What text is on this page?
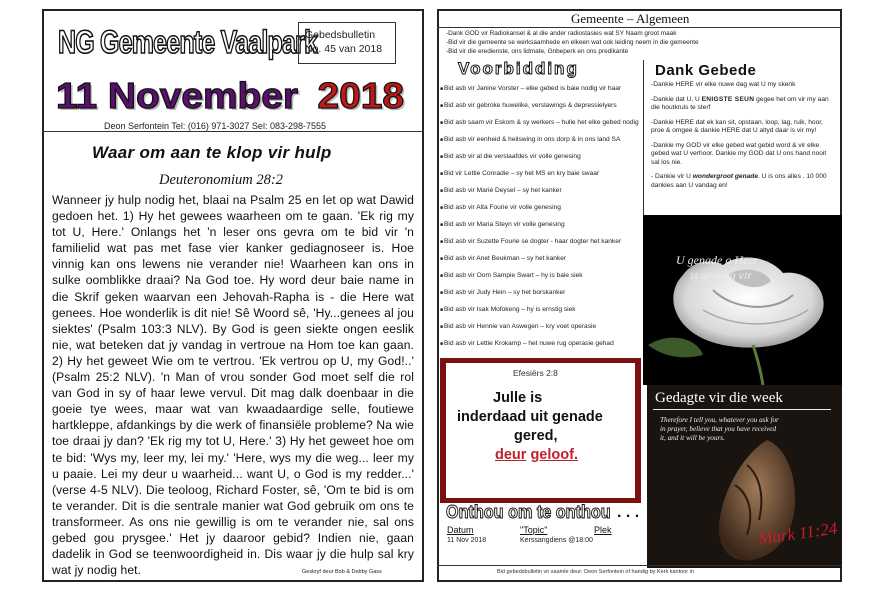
NG Gemeente Vaalpark
Gebedsbulletin
No. 45 van 2018
11 November 2018
Deon Serfontein Tel: (016) 971-3027 Sel: 083-298-7555
Waar om aan te klop vir hulp
Deuteronomium 28:2
Wanneer jy hulp nodig het, blaai na Psalm 25 en let op wat Dawid gedoen het. 1) Hy het gewees waarheen om te gaan. 'Ek rig my tot U, Here.' Onlangs het 'n leser ons gevra om te bid vir 'n familielid wat pas met fase vier kanker gediagnoseer is. Hoe vinnig kan ons lewens nie verander nie! Waarheen kan ons in sulke oomblikke draai? Na God toe. Hy word deur baie name in die Skrif geken waarvan een Jehovah-Rapha is - die Here wat genees. Hoe wonderlik is dit nie! Sê Woord sê, 'Hy...genees al jou siektes' (Psalm 103:3 NLV). By God is geen siekte ongen eeslik nie, wat beteken dat jy vandag in vertroue na Hom toe kan gaan. 2) Hy het geweet Wie om te vertrou. 'Ek vertrou op U, my God!..' (Psalm 25:2 NLV). 'n Man of vrou sonder God moet self die rol van God in sy of haar lewe vervul. Dit mag dalk doenbaar in die goeie tye wees, maar wat van kwaadaardige selle, foutiewe hartkleppe, afdankings by die werk of finansiële probleme? Na wie toe draai jy dan? 'Ek rig my tot U, Here.' 3) Hy het geweet hoe om te bid: 'Wys my, leer my, lei my.' 'Here, wys my die weg... leer my u paaie. Lei my deur u waarheid... want U, o God is my redder...' (verse 4-5 NLV). Die teoloog, Richard Foster, sê, 'Om te bid is om te verander. Dit is die sentrale manier wat God gebruik om ons te transformeer. As ons nie gewillig is om te verander nie, sal ons gebed gou prysgee.' Het jy daaroor gebid? Indien nie, gaan dadelik in God se teenwoordigheid in. Dis waar jy die hulp sal kry wat jy nodig het.	Geskryf deur Bob & Debby Gass
Gemeente – Algemeen
-Dank GOD vir Radiokansel & al die ander radiostasies wat SY Naam groot maak
-Bid vir die gemeente se werksaamhede en elkeen wat ook leiding neem in die gemeente
-Bid vir die eredienste, ons lidmate, Gnbeperk en ons predikante
Voorbidding	Dank Gebede
■Bid asb vir Janine Vorster – elke gebed is baie nodig vir haar
■Bid asb vir gebroke huwelike, verslawings & depressielyers
■Bid asb saam vir Eskom & sy werkers – hulle het elke gebed nodig
■Bid asb vir eenheid & heilswing in ons dorp & in ons land SA
■Bid asb vir al die verslaafdes vir volle genesing
■Bid vir Lettie Conradie – sy het MS en kry baie swaar
■Bid asb vir Marié Deysel – sy het kanker
■Bid asb vir Alta Fourie vir volle genesing
■Bid asb vir Maria Steyn vir volle genesing
■Bid asb vir Suzette Fourie se dogter - haar dogter het kanker
■Bid asb vir Anet Beukman – sy het kanker
■Bid asb vir Oom Sampie Swart – hy is baie siek
■Bid asb vir Judy Hein – sy het borskanker
■Bid asb vir Isak Mofokeng – hy is ernstig siek
■Bid asb vir Hennie van Aswegen – kry voet operasie
■Bid asb vir Lettie Krokamp – het nuwe rug operasie gehad
-Dankie HERE vir elke nuwe dag wat U my skenk
-Dankie dat U, U ENIGSTE SEUN gegee het om vir my aan die houtkruis te sterf
-Dankie HERE dat ek kan sit, opstaan, loop, lag, ruik, hoor, proe & omgee & dankie HERE dat U altyd daar is vir my!
-Dankie my GOD vir elke gebed wat gebid word & vir elke gebed wat U verhoor. Dankie my GOD dat U ons hand nooit sal los nie.
- Dankie vir U wondergroot genade. U is ons alles . 10 000 dankies aan U vandag en!
U genade o Heer
is genoeg vir
Efesiërs 2:8
Julle is
inderdaad uit genade
gered,
deur geloof.
Gedagte vir die week
Therefore I tell you, whatever you ask for in prayer, believe that you have received it, and it will be yours.
Mark 11:24
Onthou om te onthou . . .
Datum	"Topic"	Plek
11 Nov 2018	Kerssangdiens @18:00
Bid gebedsbulletin vir saamle deur: Deon Serfontein of handig by Kerk kantoor in
